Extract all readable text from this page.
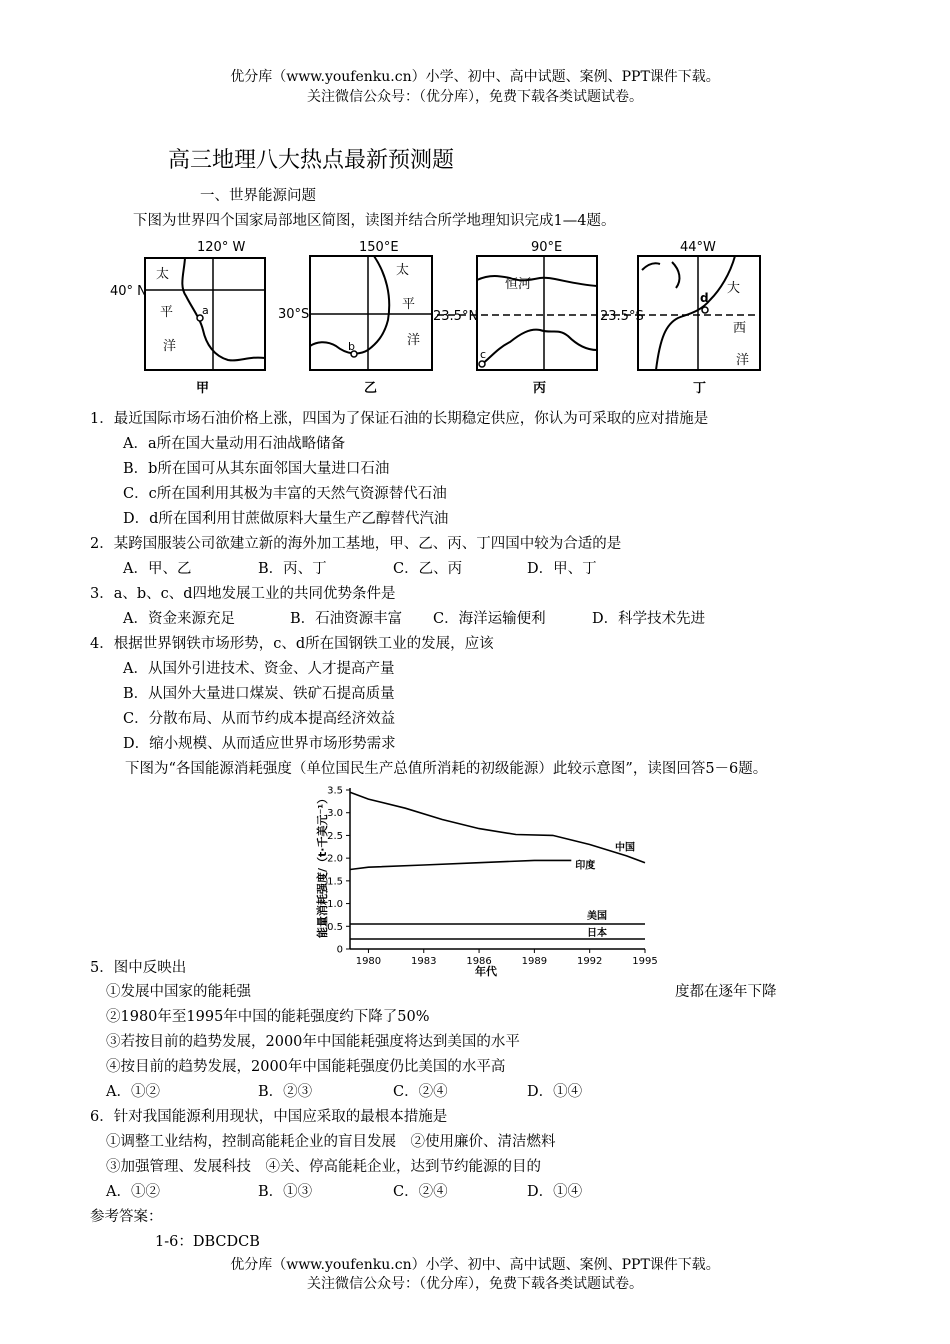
优分库（www.youfenku.cn）小学、初中、高中试题、案例、PPT课件下载。
关注微信公众号：（优分库），免费下载各类试题试卷。
高三地理八大热点最新预测题
一、世界能源问题
下图为世界四个国家局部地区简图，读图并结合所学地理知识完成1—4题。
120° W
40° N
太
平
洋
a
甲
150°E
30°S
太
平
洋
b
乙
90°E
23.5°N
恒河
c
丙
23.5°S
44°W
大
西
洋
d
丁
1．最近国际市场石油价格上涨，四国为了保证石油的长期稳定供应，你认为可采取的应对措施是
A．a所在国大量动用石油战略储备
B．b所在国可从其东面邻国大量进口石油
C．c所在国利用其极为丰富的天然气资源替代石油
D．d所在国利用甘蔗做原料大量生产乙醇替代汽油
2．某跨国服装公司欲建立新的海外加工基地，甲、乙、丙、丁四国中较为合适的是
A．甲、乙	B．丙、丁	C．乙、丙	D．甲、丁
3．a、b、c、d四地发展工业的共同优势条件是
A．资金来源充足	B．石油资源丰富 C．海洋运输便利	D．科学技术先进
4．根据世界钢铁市场形势，c、d所在国钢铁工业的发展，应该
A．从国外引进技术、资金、人才提高产量
B．从国外大量进口煤炭、铁矿石提高质量
C．分散布局、从而节约成本提高经济效益
D．缩小规模、从而适应世界市场形势需求
下图为“各国能源消耗强度（单位国民生产总值所消耗的初级能源）此较示意图”，读图回答5－6题。
0
0.5
1.0
1.5
2.0
2.5
3.0
3.5
1980	1983	1986	1989	1992	1995
中国
印度
美国
日本
能量消耗强度/（t·千美元⁻¹）
年代
5．图中反映出
①发展中国家的能耗强	度都在逐年下降
②1980年至1995年中国的能耗强度约下降了50%
③若按目前的趋势发展，2000年中国能耗强度将达到美国的水平
④按目前的趋势发展，2000年中国能耗强度仍比美国的水平高
A．①②	B．②③	C．②④	D．①④
6．针对我国能源利用现状，中国应采取的最根本措施是
①调整工业结构，控制高能耗企业的盲目发展　②使用廉价、清洁燃料
③加强管理、发展科技　④关、停高能耗企业，达到节约能源的目的
A．①②	B．①③	C．②④	D．①④
参考答案：
1-6：DBCDCB
优分库（www.youfenku.cn）小学、初中、高中试题、案例、PPT课件下载。
关注微信公众号：（优分库），免费下载各类试题试卷。
